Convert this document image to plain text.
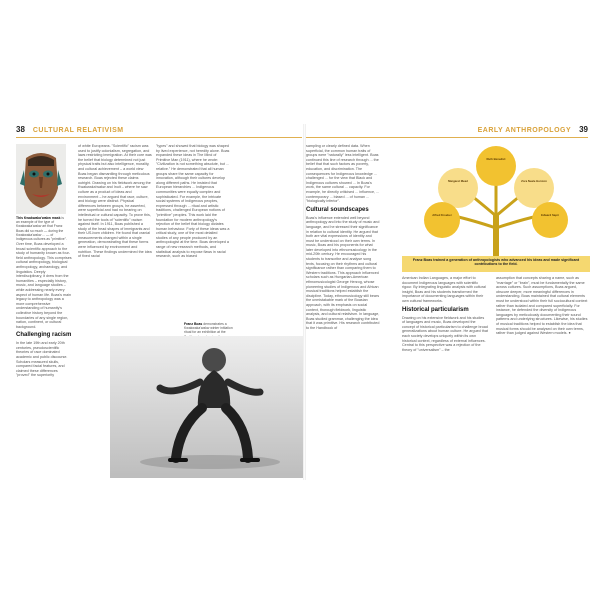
38 CULTURAL RELATIVISM
This Kwakwaka'wakw mask is an example of the type of Kwakwaka'wakw art that Franz Boas did so much — during the Kwakwaka'wakw ... — of Indigenous cultures as "primitive".

Over time, Boas developed a broad scientific approach to the study of humanity known as four-field anthropology. This comprises cultural anthropology, biological anthropology, archaeology, and linguistics. Deeply interdisciplinary, it drew from the humanities – especially history, music, and language studies – while addressing nearly every aspect of human life. Boas's main legacy to anthropology was a more comprehensive understanding of humanity's collective history beyond the boundaries of any single region, nation, continent, or cultural background.

Challenging racism

In the late 19th and early 20th centuries, pseudoscientific theories of race dominated academic and public discourse. Scholars measured skulls, compared facial features, and claimed these differences "proved" the superiority

of white Europeans. "Scientific" racism was used to justify colonialism, segregation, and laws restricting immigration. At their core was the belief that biology determined not just physical traits but also intelligence, morality, and cultural achievement – a world view Boas began dismantling through meticulous research. Boas rejected these claims outright. Drawing on his fieldwork among the Kwakwaka'wakw and Inuit – where he saw culture as a product of ideas and environment – he argued that race, culture, and biology were distinct. Physical differences between groups, he asserted, were superficial and had no bearing on intellectual or cultural capacity. To prove this, he turned the tools of "scientific" racism against itself. In 1911, Boas published a study of the head shapes of immigrants and their US-born children. He found that cranial measurements changed within a single generation, demonstrating that these forms were influenced by environment and nutrition. These findings undermined the idea of fixed racial

"types" and showed that biology was shaped by lived experience, not heredity alone. Boas expanded these ideas in The Mind of Primitive Man (1911), where he wrote: "Civilization is not something absolute, but ... relative." He demonstrated that all human groups share the same capacity for innovation, although their cultures develop along different paths. He insisted that European hierarchies ... Indigenous communities were equally complex and sophisticated. For example, the intricate social systems of Indigenous peoples, expressed through ... ritual and artistic traditions, challenged European notions of "primitive" peoples. This work laid the foundation for modern anthropology's rejection of the belief that biology dictates human behaviour. Forty of these ideas was a critical study, one of the most detailed studies of any people produced by an anthropologist at the time. Boas developed a range of new research methods, and statistical analysis to expose flaws in racial research, such as biased

Franz Boas demonstrates a Kwakwaka'wakw winter initiation ritual for an exhibition at the
EARLY ANTHROPOLOGY 39

sampling or clearly defined data. When superficial, the common human traits of groups were "naturally" less intelligent. Boas continued this line of research through ... the belief that that such factors as poverty, education, and discrimination. The consequences for Indigenous knowledge ... challenged ... for the view that Black and Indigenous cultures showed ... In Boas's work, the same cultural ... capacity. For example, he directly criticised ... influence, ... contemporary ... biased ... of human ... "biologically inferior".

Cultural soundscapes

Boas's influence extended well beyond anthropology and into the study of music and language, and he stressed their significance in relation to cultural identity. He argued that both are vital expressions of identity and must be understood on their own terms. In music, Boas and his proponents for what later developed into ethnomusicology in the mid-20th century. He encouraged his students to transcribe and analyse song texts, focusing on their rhythms and cultural significance rather than comparing them to Western traditions. This approach influenced scholars such as Hungarian-American ethnomusicologist George Herzog, whose pioneering studies of Indigenous and African musical traditions helped establish the discipline. Today, ethnomusicology still bears the unmistakable mark of the Boasian approach, with its emphasis on social context, thorough fieldwork, linguistic analysis, and cultural relativism. In language, Boas studied grammar, challenging the idea that it was primitive. His research contributed to the Handbook of

Ruth Benedict
Margaret Mead	Zora Neale Hurston
Alfred Kroeber	Edward Sapir
Franz Boas trained a generation of anthropologists who advanced his ideas and made significant contributions to the field.

American Indian Languages, a major effort to document Indigenous languages with scientific rigour. By integrating linguistic analysis with cultural insight, Boas and his students transformed the importance of documenting languages within their own cultural frameworks.

Historical particularism

Drawing on his extensive fieldwork and his studies of languages and music, Boas developed the concept of historical particularism to challenge broad generalizations about human culture. He argued that each society develops uniquely within its own historical context, regardless of external influences. Central to this perspective was a rejection of the theory of "universalism" – the

assumption that concepts sharing a name, such as "marriage" or "brain", must be fundamentally the same across cultures. Such assumptions, Boas argued, obscure deeper, more meaningful differences in understanding. Boas maintained that cultural elements must be understood within their full sociocultural context rather than isolated and compared superficially. For instance, he defended the diversity of Indigenous languages by meticulously documenting their sound patterns and underlying structures. Likewise, his studies of musical traditions helped to establish the idea that musical forms should be analysed on their own terms, rather than judged against Western models. ●
